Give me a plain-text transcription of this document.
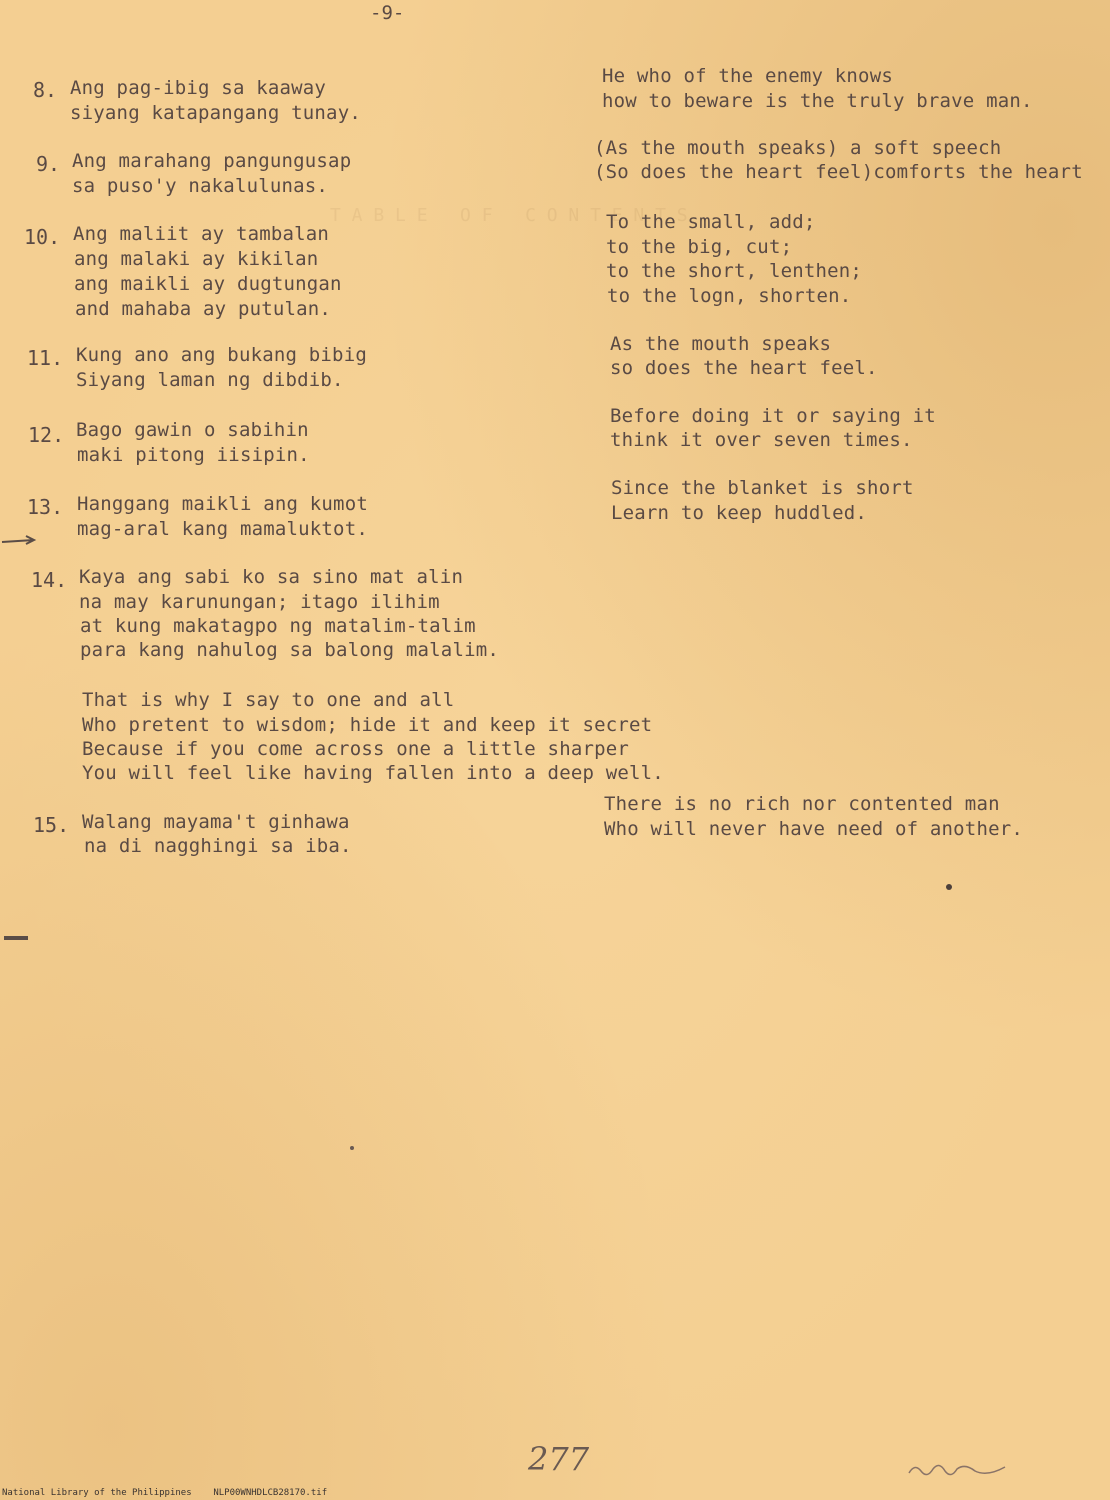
T A B L E   O F   C O N T E N T S
-9-
8. Ang pag-ibig sa kaaway
siyang katapangang tunay.
He who of the enemy knows
how to beware is the truly brave man.
9. Ang marahang pangungusap
sa puso'y nakalulunas.
(As the mouth speaks) a soft speech
(So does the heart feel)comforts the heart
10. Ang maliit ay tambalan
ang malaki ay kikilan
ang maikli ay dugtungan
and mahaba ay putulan.
To the small, add;
to the big, cut;
to the short, lenthen;
to the logn, shorten.
11. Kung ano ang bukang bibig
Siyang laman ng dibdib.
As the mouth speaks
so does the heart feel.
12. Bago gawin o sabihin
maki pitong iisipin.
Before doing it or saying it
think it over seven times.
13. Hanggang maikli ang kumot
mag-aral kang mamaluktot.
Since the blanket is short
Learn to keep huddled.
14. Kaya ang sabi ko sa sino mat alin
na may karunungan; itago ilihim
at kung makatagpo ng matalim-talim
para kang nahulog sa balong malalim.
That is why I say to one and all
Who pretent to wisdom; hide it and keep it secret
Because if you come across one a little sharper
You will feel like having fallen into a deep well.
15. Walang mayama't ginhawa
na di nagghingi sa iba.
There is no rich nor contented man
Who will never have need of another.
277
National Library of the Philippines    NLP00WNHDLCB28170.tif
